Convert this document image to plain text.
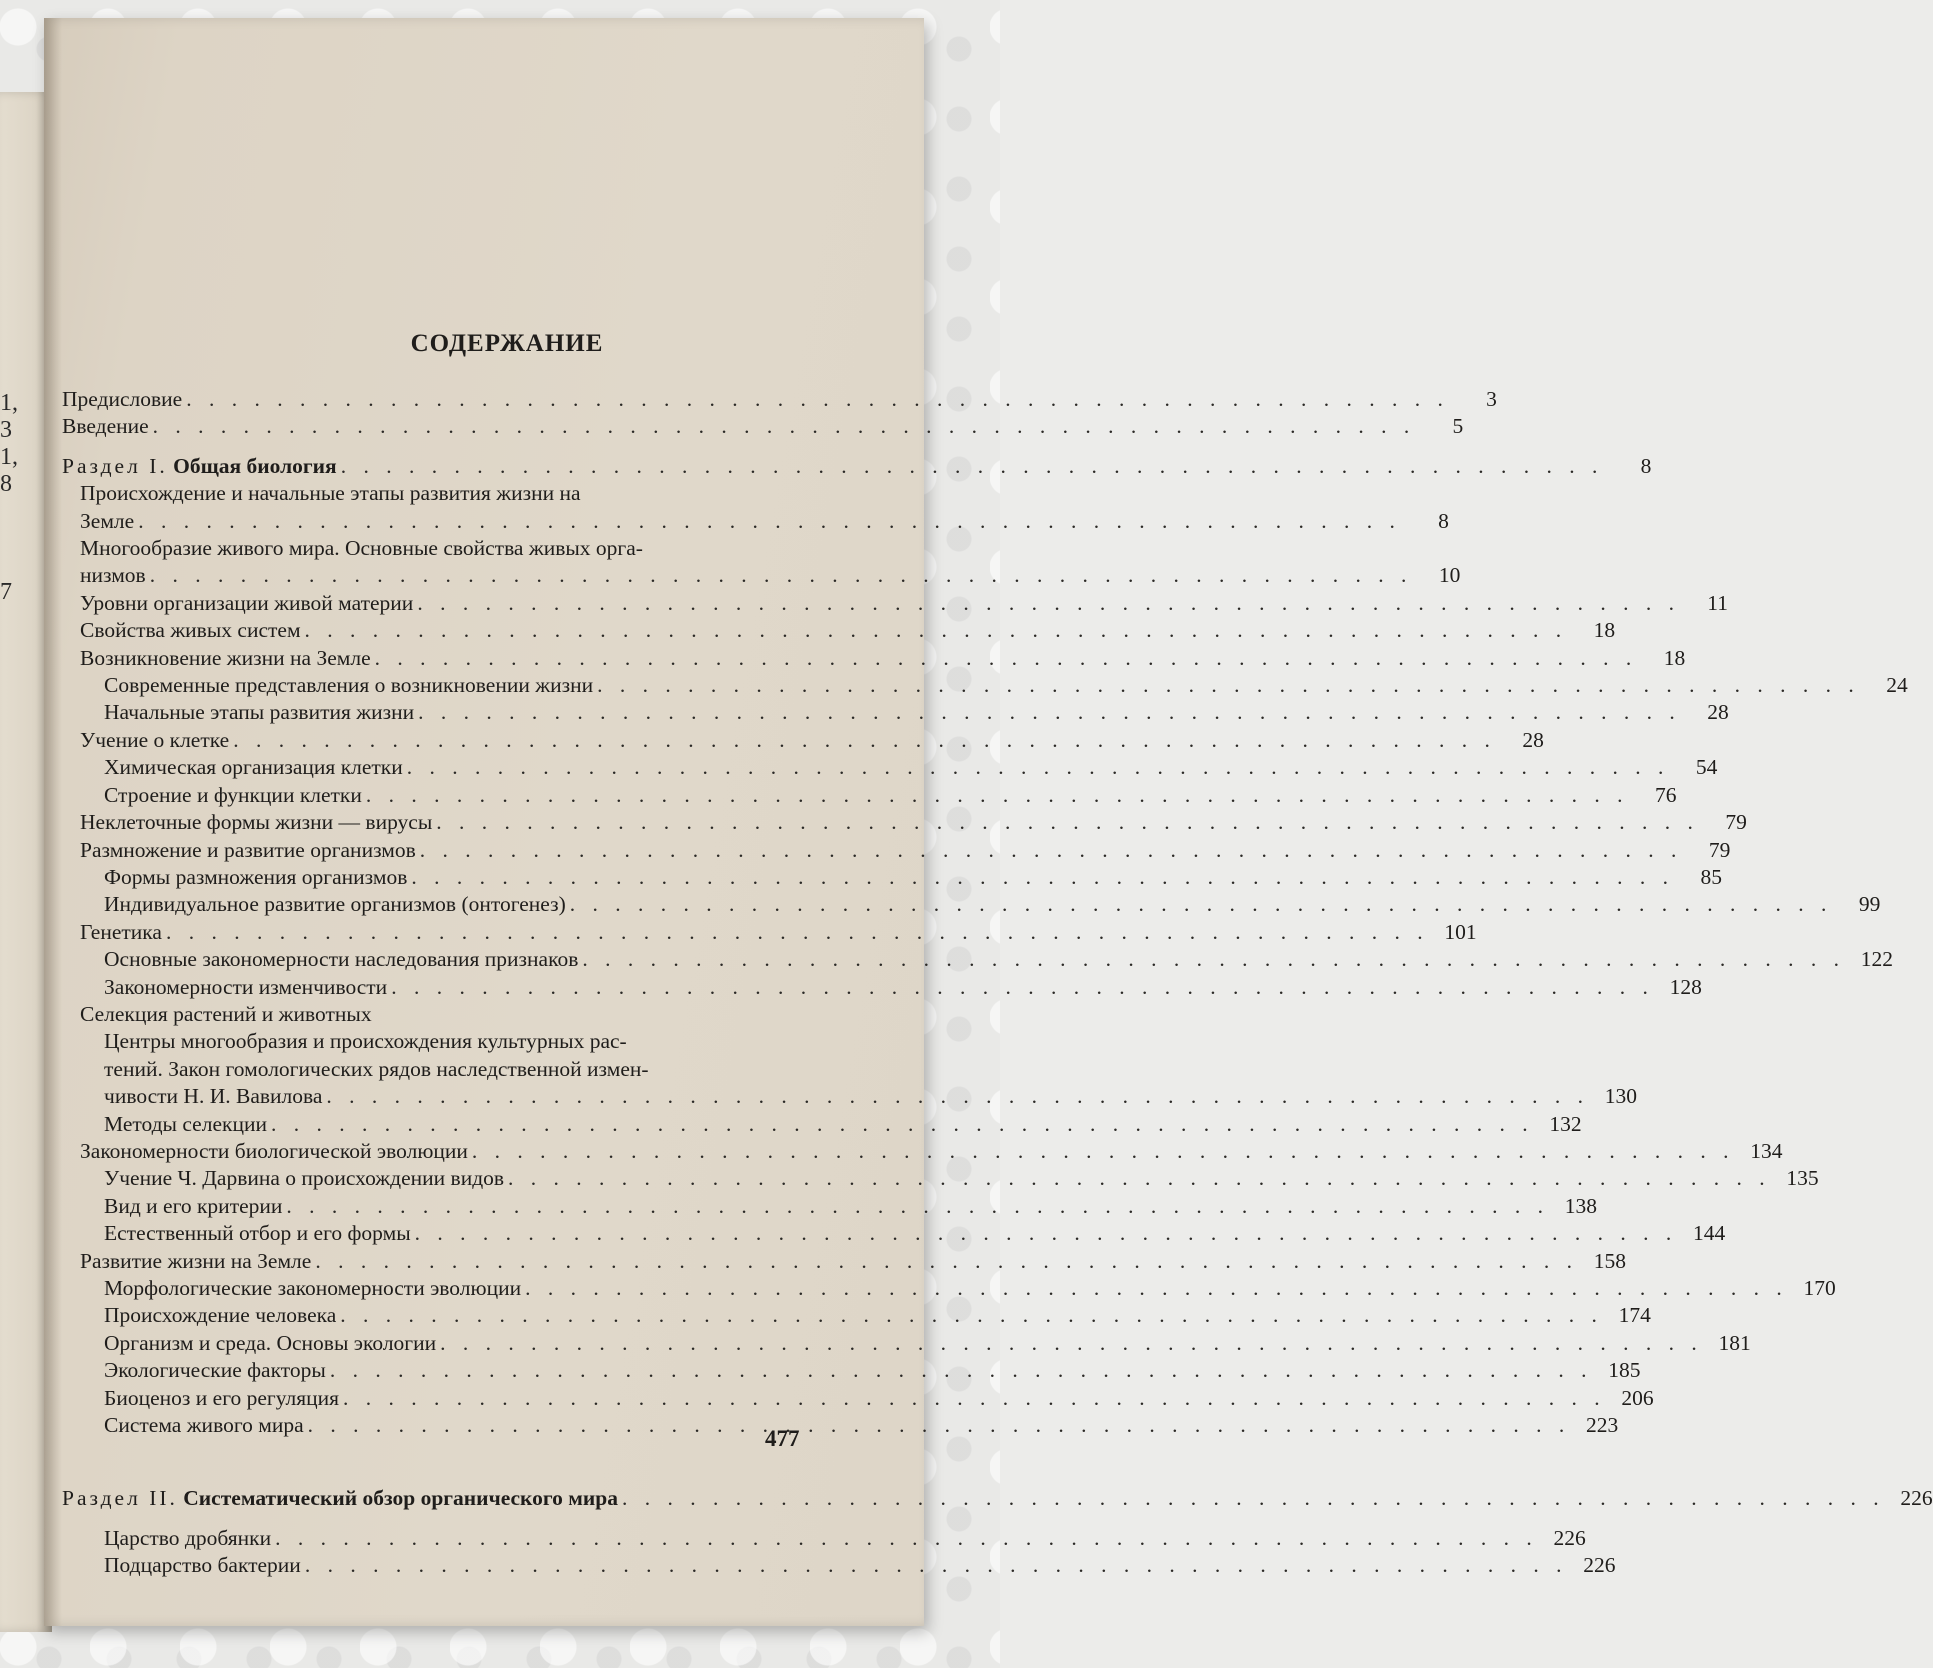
1,
3
1,
8
7
СОДЕРЖАНИЕ
Предисловие . . .	3
Введение . . .	5
Раздел I. Общая биология . . .	8
Происхождение и начальные этапы развития жизни на
Земле . . .	8
Многообразие живого мира. Основные свойства живых орга-
низмов . . .	10
Уровни организации живой материи . . .	11
Свойства живых систем . . .	18
Возникновение жизни на Земле . . .	18
Современные представления о возникновении жизни . . .	24
Начальные этапы развития жизни . . .	28
Учение о клетке . . .	28
Химическая организация клетки . . .	54
Строение и функции клетки . . .	76
Неклеточные формы жизни — вирусы . . .	79
Размножение и развитие организмов . . .	79
Формы размножения организмов . . .	85
Индивидуальное развитие организмов (онтогенез) . . .	99
Генетика . . .	101
Основные закономерности наследования признаков . . .	122
Закономерности изменчивости . . .	128
Селекция растений и животных
Центры многообразия и происхождения культурных рас-
тений. Закон гомологических рядов наследственной измен-
чивости Н. И. Вавилова . . .	130
Методы селекции . . .	132
Закономерности биологической эволюции . . .	134
Учение Ч. Дарвина о происхождении видов . . .	135
Вид и его критерии . . .	138
Естественный отбор и его формы . . .	144
Развитие жизни на Земле . . .	158
Морфологические закономерности эволюции . . .	170
Происхождение человека . . .	174
Организм и среда. Основы экологии . . .	181
Экологические факторы . . .	185
Биоценоз и его регуляция . . .	206
Система живого мира . . .	223
Раздел II. Систематический обзор органического мира . . .	226
Царство дробянки . . .	226
Подцарство бактерии . . .	226
477
